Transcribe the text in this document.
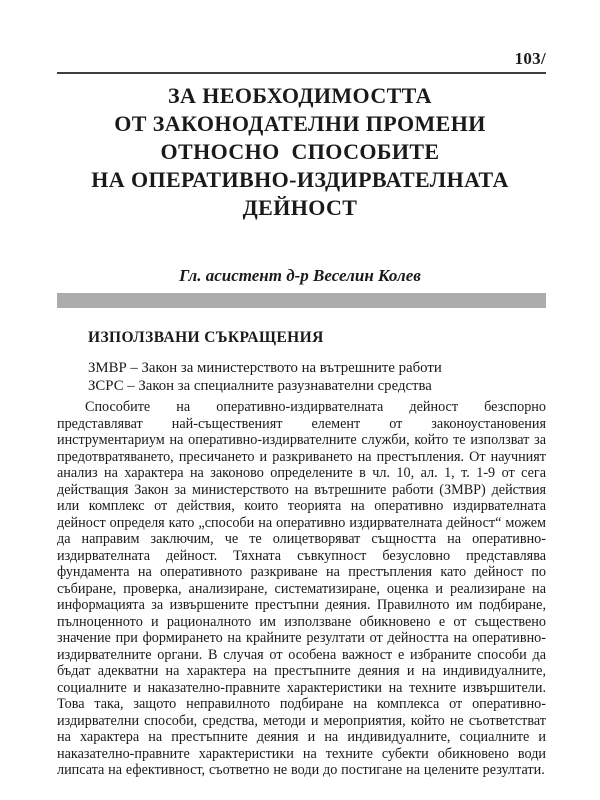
103/
ЗА НЕОБХОДИМОСТТА
ОТ ЗАКОНОДАТЕЛНИ ПРОМЕНИ
ОТНОСНО  СПОСОБИТЕ
НА ОПЕРАТИВНО-ИЗДИРВАТЕЛНАТА
ДЕЙНОСТ
Гл. асистент д-р Веселин Колев
ИЗПОЛЗВАНИ СЪКРАЩЕНИЯ

ЗМВР – Закон за министерството на вътрешните работи

ЗСРС – Закон за специалните разузнавателни средства

Способите на оперативно-издирвателната дейност безспорно представляват най-същественият елемент от законоустановения инструментариум на оперативно-издирвателните служби, който те използват за предотвратяването, пресичането и разкриването на престъпления. От научният анализ на характера на законово определените в чл. 10, ал. 1, т. 1-9 от сега действащия Закон за министерството на вътрешните работи (ЗМВР) действия или комплекс от действия, които теорията на оперативно издирвателната дейност определя като „способи на оперативно издирвателната дейност“ можем да направим заключим, че те олицетворяват същността на оперативно-издирвателната дейност. Тяхната съвкупност безусловно представлява фундамента на оперативното разкриване на престъпления като дейност по събиране, проверка, анализиране, систематизиране, оценка и реализиране на информацията за извършените престъпни деяния. Правилното им подбиране, пълноценното и рационалното им използване обикновено е от съществено значение при формирането на крайните резултати от дейността на оперативно-издирвателните органи. В случая от особена важност е избраните способи да бъдат адекватни на характера на престъпните деяния и на индивидуалните, социалните и наказателно-правните характеристики на техните извършители. Това така, защото неправилното подбиране на комплекса от оперативно-издирвателни способи, средства, методи и мероприятия, който не съответстват на характера на престъпните деяния и на индивидуалните, социалните и наказателно-правните характеристики на техните субекти обикновено води липсата на ефективност, съответно не води до постигане на целените резултати.
